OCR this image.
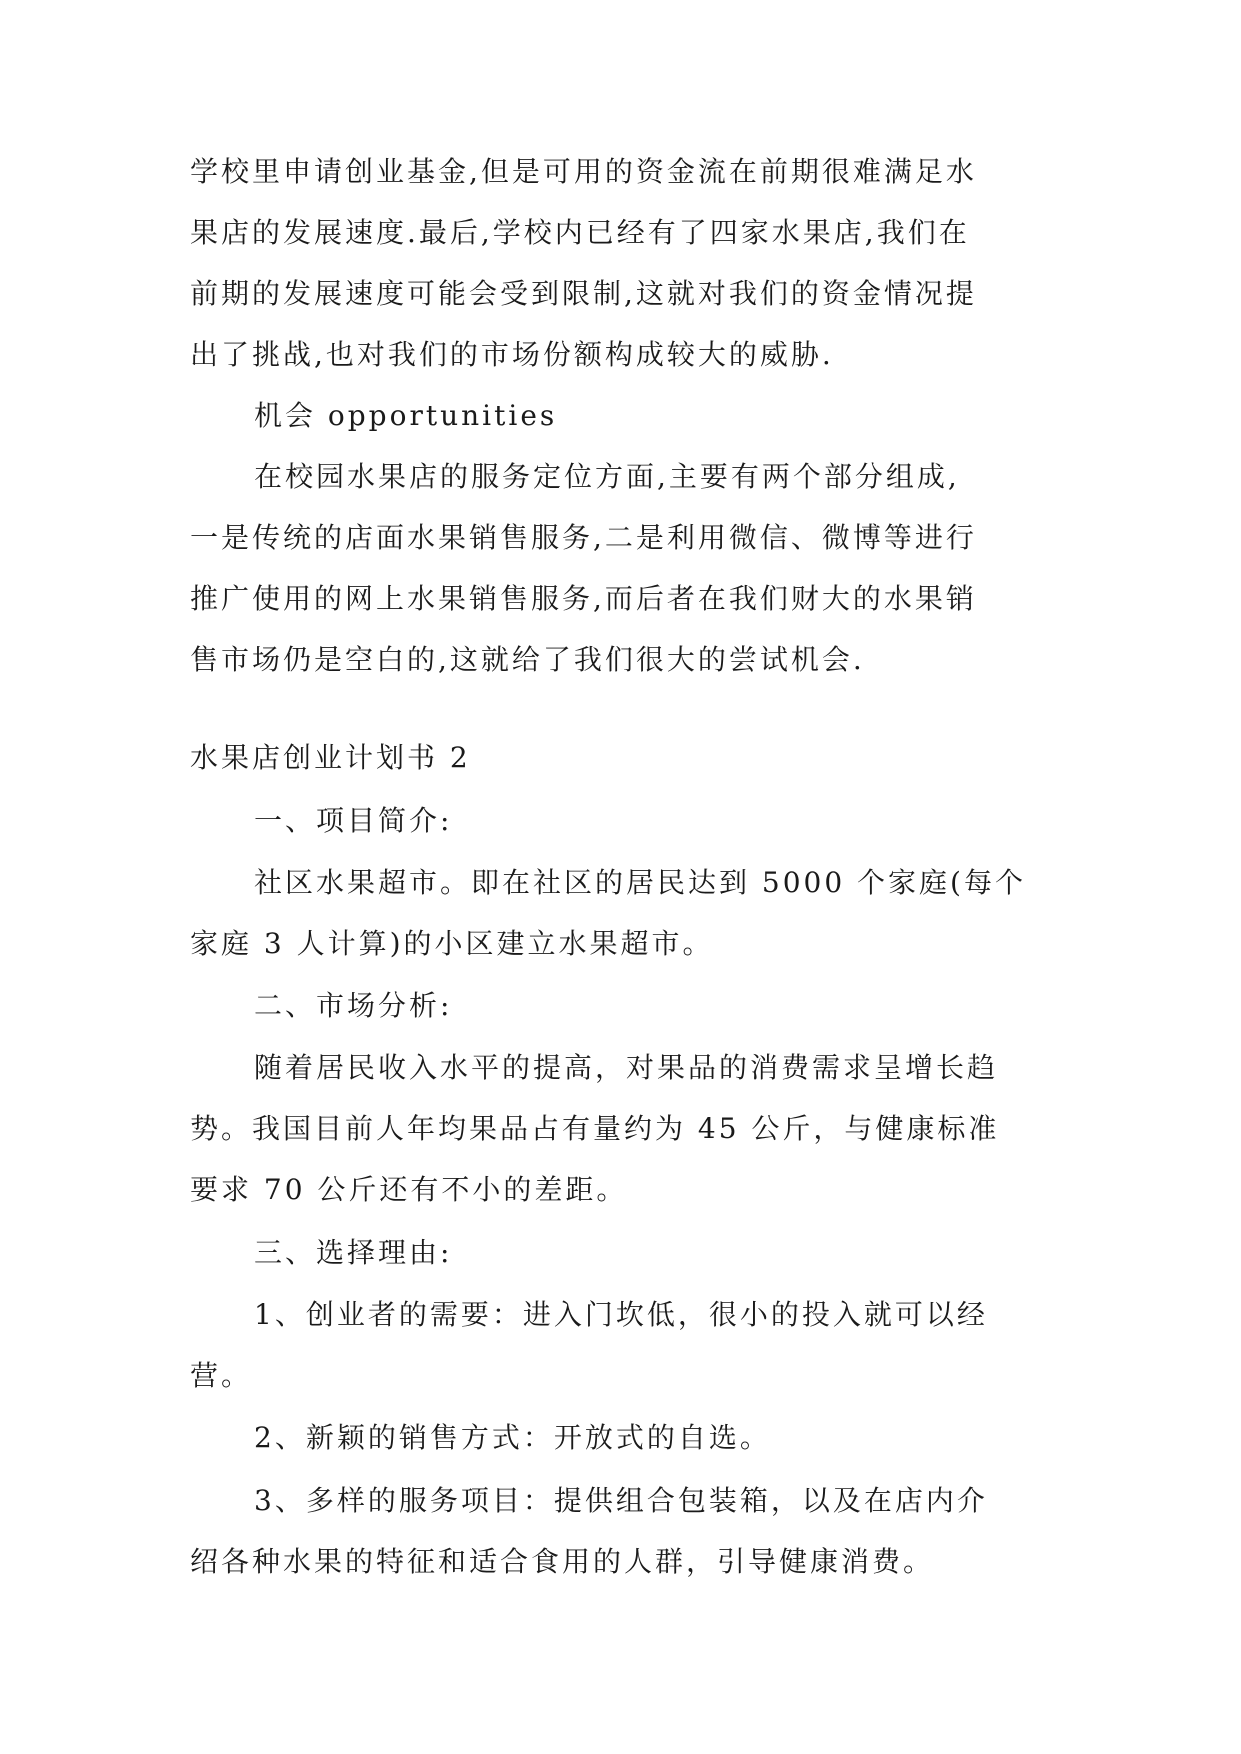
学校里申请创业基金,但是可用的资金流在前期很难满足水
果店的发展速度.最后,学校内已经有了四家水果店,我们在
前期的发展速度可能会受到限制,这就对我们的资金情况提
出了挑战,也对我们的市场份额构成较大的威胁.
机会 opportunities
在校园水果店的服务定位方面,主要有两个部分组成,
一是传统的店面水果销售服务,二是利用微信、微博等进行
推广使用的网上水果销售服务,而后者在我们财大的水果销
售市场仍是空白的,这就给了我们很大的尝试机会.
水果店创业计划书 2
一、项目简介:
社区水果超市。即在社区的居民达到 5000 个家庭(每个
家庭 3 人计算)的小区建立水果超市。
二、市场分析:
随着居民收入水平的提高，对果品的消费需求呈增长趋
势。我国目前人年均果品占有量约为 45 公斤，与健康标准
要求 70 公斤还有不小的差距。
三、选择理由:
1、创业者的需要：进入门坎低，很小的投入就可以经
营。
2、新颖的销售方式：开放式的自选。
3、多样的服务项目：提供组合包装箱，以及在店内介
绍各种水果的特征和适合食用的人群，引导健康消费。
